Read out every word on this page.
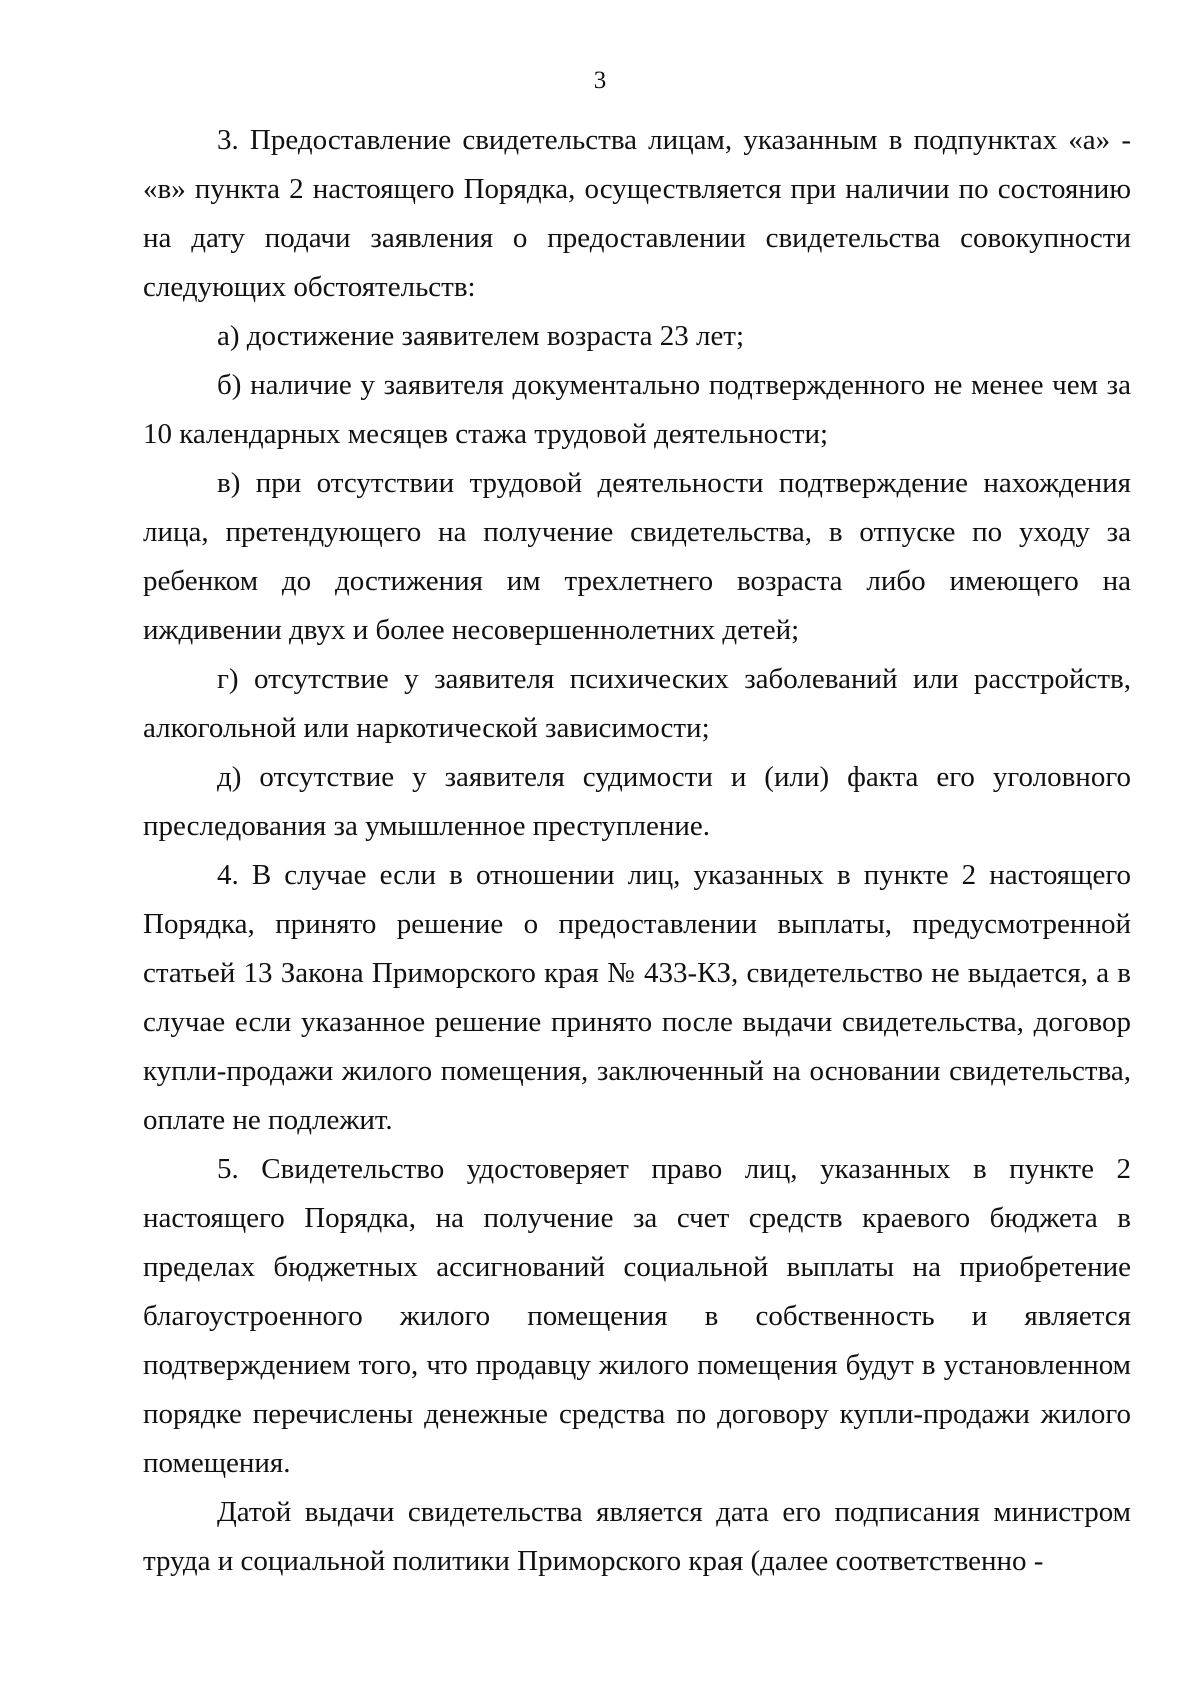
3

3. Предоставление свидетельства лицам, указанным в подпунктах «а» - «в» пункта 2 настоящего Порядка, осуществляется при наличии по состоянию на дату подачи заявления о предоставлении свидетельства совокупности следующих обстоятельств:

а) достижение заявителем возраста 23 лет;

б) наличие у заявителя документально подтвержденного не менее чем за 10 календарных месяцев стажа трудовой деятельности;

в) при отсутствии трудовой деятельности подтверждение нахождения лица, претендующего на получение свидетельства, в отпуске по уходу за ребенком до достижения им трехлетнего возраста либо имеющего на иждивении двух и более несовершеннолетних детей;

г) отсутствие у заявителя психических заболеваний или расстройств, алкогольной или наркотической зависимости;

д) отсутствие у заявителя судимости и (или) факта его уголовного преследования за умышленное преступление.

4. В случае если в отношении лиц, указанных в пункте 2 настоящего Порядка, принято решение о предоставлении выплаты, предусмотренной статьей 13 Закона Приморского края № 433-КЗ, свидетельство не выдается, а в случае если указанное решение принято после выдачи свидетельства, договор купли-продажи жилого помещения, заключенный на основании свидетельства, оплате не подлежит.

5. Свидетельство удостоверяет право лиц, указанных в пункте 2 настоящего Порядка, на получение за счет средств краевого бюджета в пределах бюджетных ассигнований социальной выплаты на приобретение благоустроенного жилого помещения в собственность и является подтверждением того, что продавцу жилого помещения будут в установленном порядке перечислены денежные средства по договору купли-продажи жилого помещения.

Датой выдачи свидетельства является дата его подписания министром труда и социальной политики Приморского края (далее соответственно -
